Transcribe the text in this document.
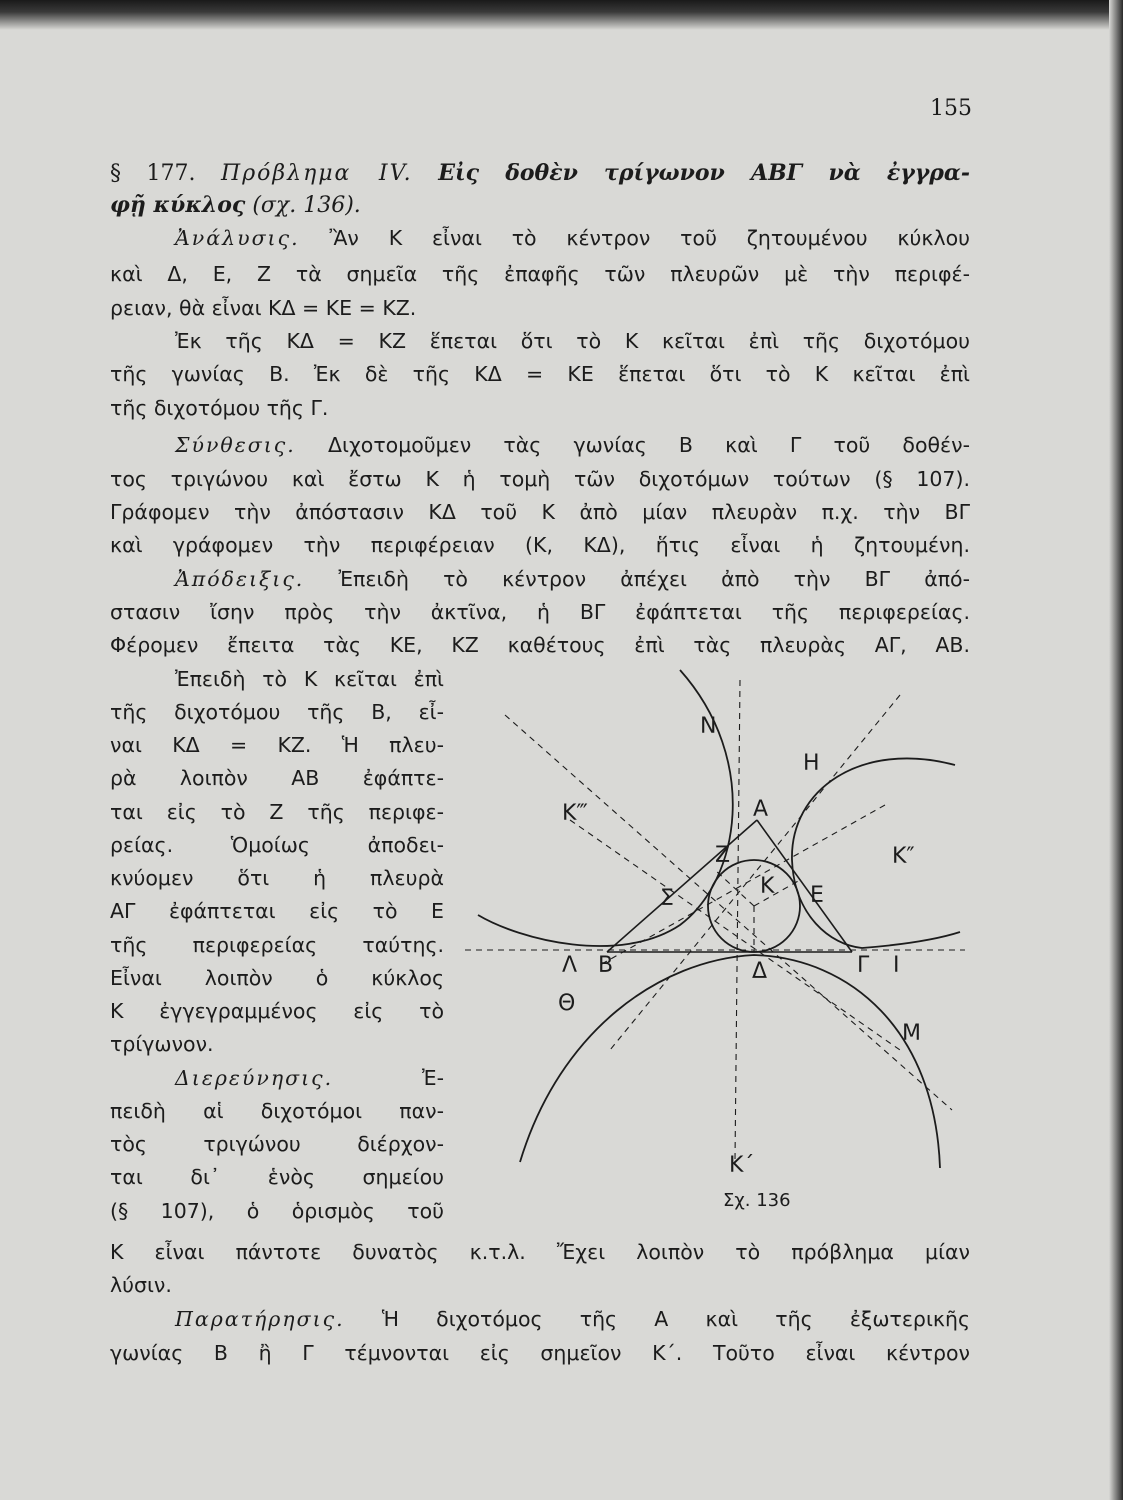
155
§ 177. Πρόβλημα IV. Εἰς δοθὲν τρίγωνον ΑΒΓ νὰ ἐγγρα-
φῇ κύκλος (σχ. 136).
Ἀνάλυσις. Ἂν Κ εἶναι τὸ κέντρον τοῦ ζητουμένου κύκλου
καὶ Δ, Ε, Ζ τὰ σημεῖα τῆς ἐπαφῆς τῶν πλευρῶν μὲ τὴν περιφέ-
ρειαν, θὰ εἶναι ΚΔ = ΚΕ = ΚΖ.
Ἐκ τῆς ΚΔ = ΚΖ ἕπεται ὅτι τὸ Κ κεῖται ἐπὶ τῆς διχοτόμου
τῆς γωνίας Β. Ἐκ δὲ τῆς ΚΔ = ΚΕ ἕπεται ὅτι τὸ Κ κεῖται ἐπὶ
τῆς διχοτόμου τῆς Γ.
Σύνθεσις. Διχοτομοῦμεν τὰς γωνίας Β καὶ Γ τοῦ δοθέν-
τος τριγώνου καὶ ἔστω Κ ἡ τομὴ τῶν διχοτόμων τούτων (§ 107).
Γράφομεν τὴν ἀπόστασιν ΚΔ τοῦ Κ ἀπὸ μίαν πλευρὰν π.χ. τὴν ΒΓ
καὶ γράφομεν τὴν περιφέρειαν (Κ, ΚΔ), ἥτις εἶναι ἡ ζητουμένη.
Ἀπόδειξις. Ἐπειδὴ τὸ κέντρον ἀπέχει ἀπὸ τὴν ΒΓ ἀπό-
στασιν ἴσην πρὸς τὴν ἀκτῖνα, ἡ ΒΓ ἐφάπτεται τῆς περιφερείας.
Φέρομεν ἔπειτα τὰς ΚΕ, ΚΖ καθέτους ἐπὶ τὰς πλευρὰς ΑΓ, ΑΒ.
Ἐπειδὴ τὸ Κ κεῖται ἐπὶ
τῆς διχοτόμου τῆς Β, εἶ-
ναι ΚΔ = ΚΖ. Ἡ πλευ-
ρὰ λοιπὸν ΑΒ ἐφάπτε-
ται εἰς τὸ Ζ τῆς περιφε-
ρείας. Ὁμοίως ἀποδει-
κνύομεν ὅτι ἡ πλευρὰ
ΑΓ ἐφάπτεται εἰς τὸ Ε
τῆς περιφερείας ταύτης.
Εἶναι λοιπὸν ὁ κύκλος
Κ ἐγγεγραμμένος εἰς τὸ
τρίγωνον.
Διερεύνησις.	Ἐ-
πειδὴ αἱ διχοτόμοι παν-
τὸς τριγώνου διέρχον-
ται δι᾽ ἑνὸς σημείου
(§ 107), ὁ ὁρισμὸς τοῦ
Κ εἶναι πάντοτε δυνατὸς κ.τ.λ. Ἔχει λοιπὸν τὸ πρόβλημα μίαν
λύσιν.
Παρατήρησις. Ἡ διχοτόμος τῆς Α καὶ τῆς ἐξωτερικῆς
γωνίας Β ἢ Γ τέμνονται εἰς σημεῖον Κ΄. Τοῦτο εἶναι κέντρον
Α
Β	Γ
Δ
Ε
Ζ
Κ
Κ΄
Κ″
Κ‴
Λ	Ι
Θ
Μ
Ν
Η
Σ
Σχ. 136
